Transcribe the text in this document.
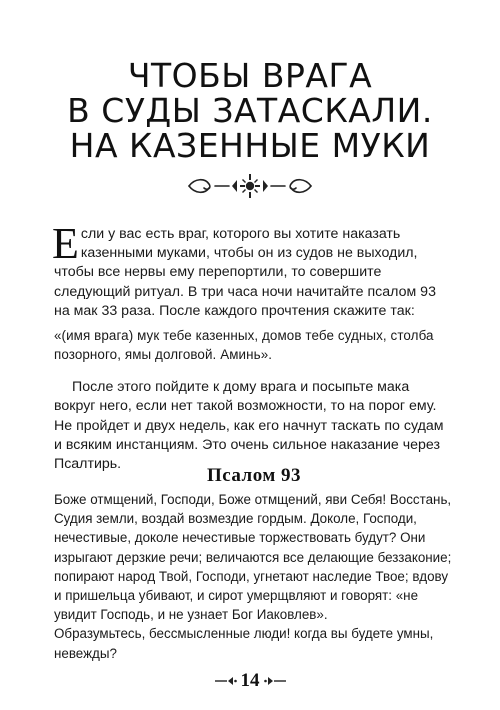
ЧТОБЫ ВРАГА
В СУДЫ ЗАТАСКАЛИ.
НА КАЗЕННЫЕ МУКИ
Если у вас есть враг, которого вы хотите наказать казенными муками, чтобы он из судов не выходил, чтобы все нервы ему перепортили, то совершите следующий ритуал. В три часа ночи начитайте псалом 93 на мак 33 раза. После каждого прочтения скажите так:
«(имя врага) мук тебе казенных, домов тебе судных, столба позорного, ямы долговой. Аминь».
После этого пойдите к дому врага и посыпьте мака вокруг него, если нет такой возможности, то на порог ему. Не пройдет и двух недель, как его начнут таскать по судам и всяким инстанциям. Это очень сильное наказание через Псалтирь.
Псалом 93

Боже отмщений, Господи, Боже отмщений, яви Себя! Восстань, Судия земли, воздай возмездие гордым. Доколе, Господи, нечестивые, доколе нечестивые торжествовать будут? Они изрыгают дерзкие речи; величаются все делающие беззаконие; попирают народ Твой, Господи, угнетают наследие Твое; вдову и пришельца убивают, и сирот умерщвляют и говорят: «не увидит Господь, и не узнает Бог Иаковлев».

Образумьтесь, бессмысленные люди! когда вы будете умны, невежды?

14
